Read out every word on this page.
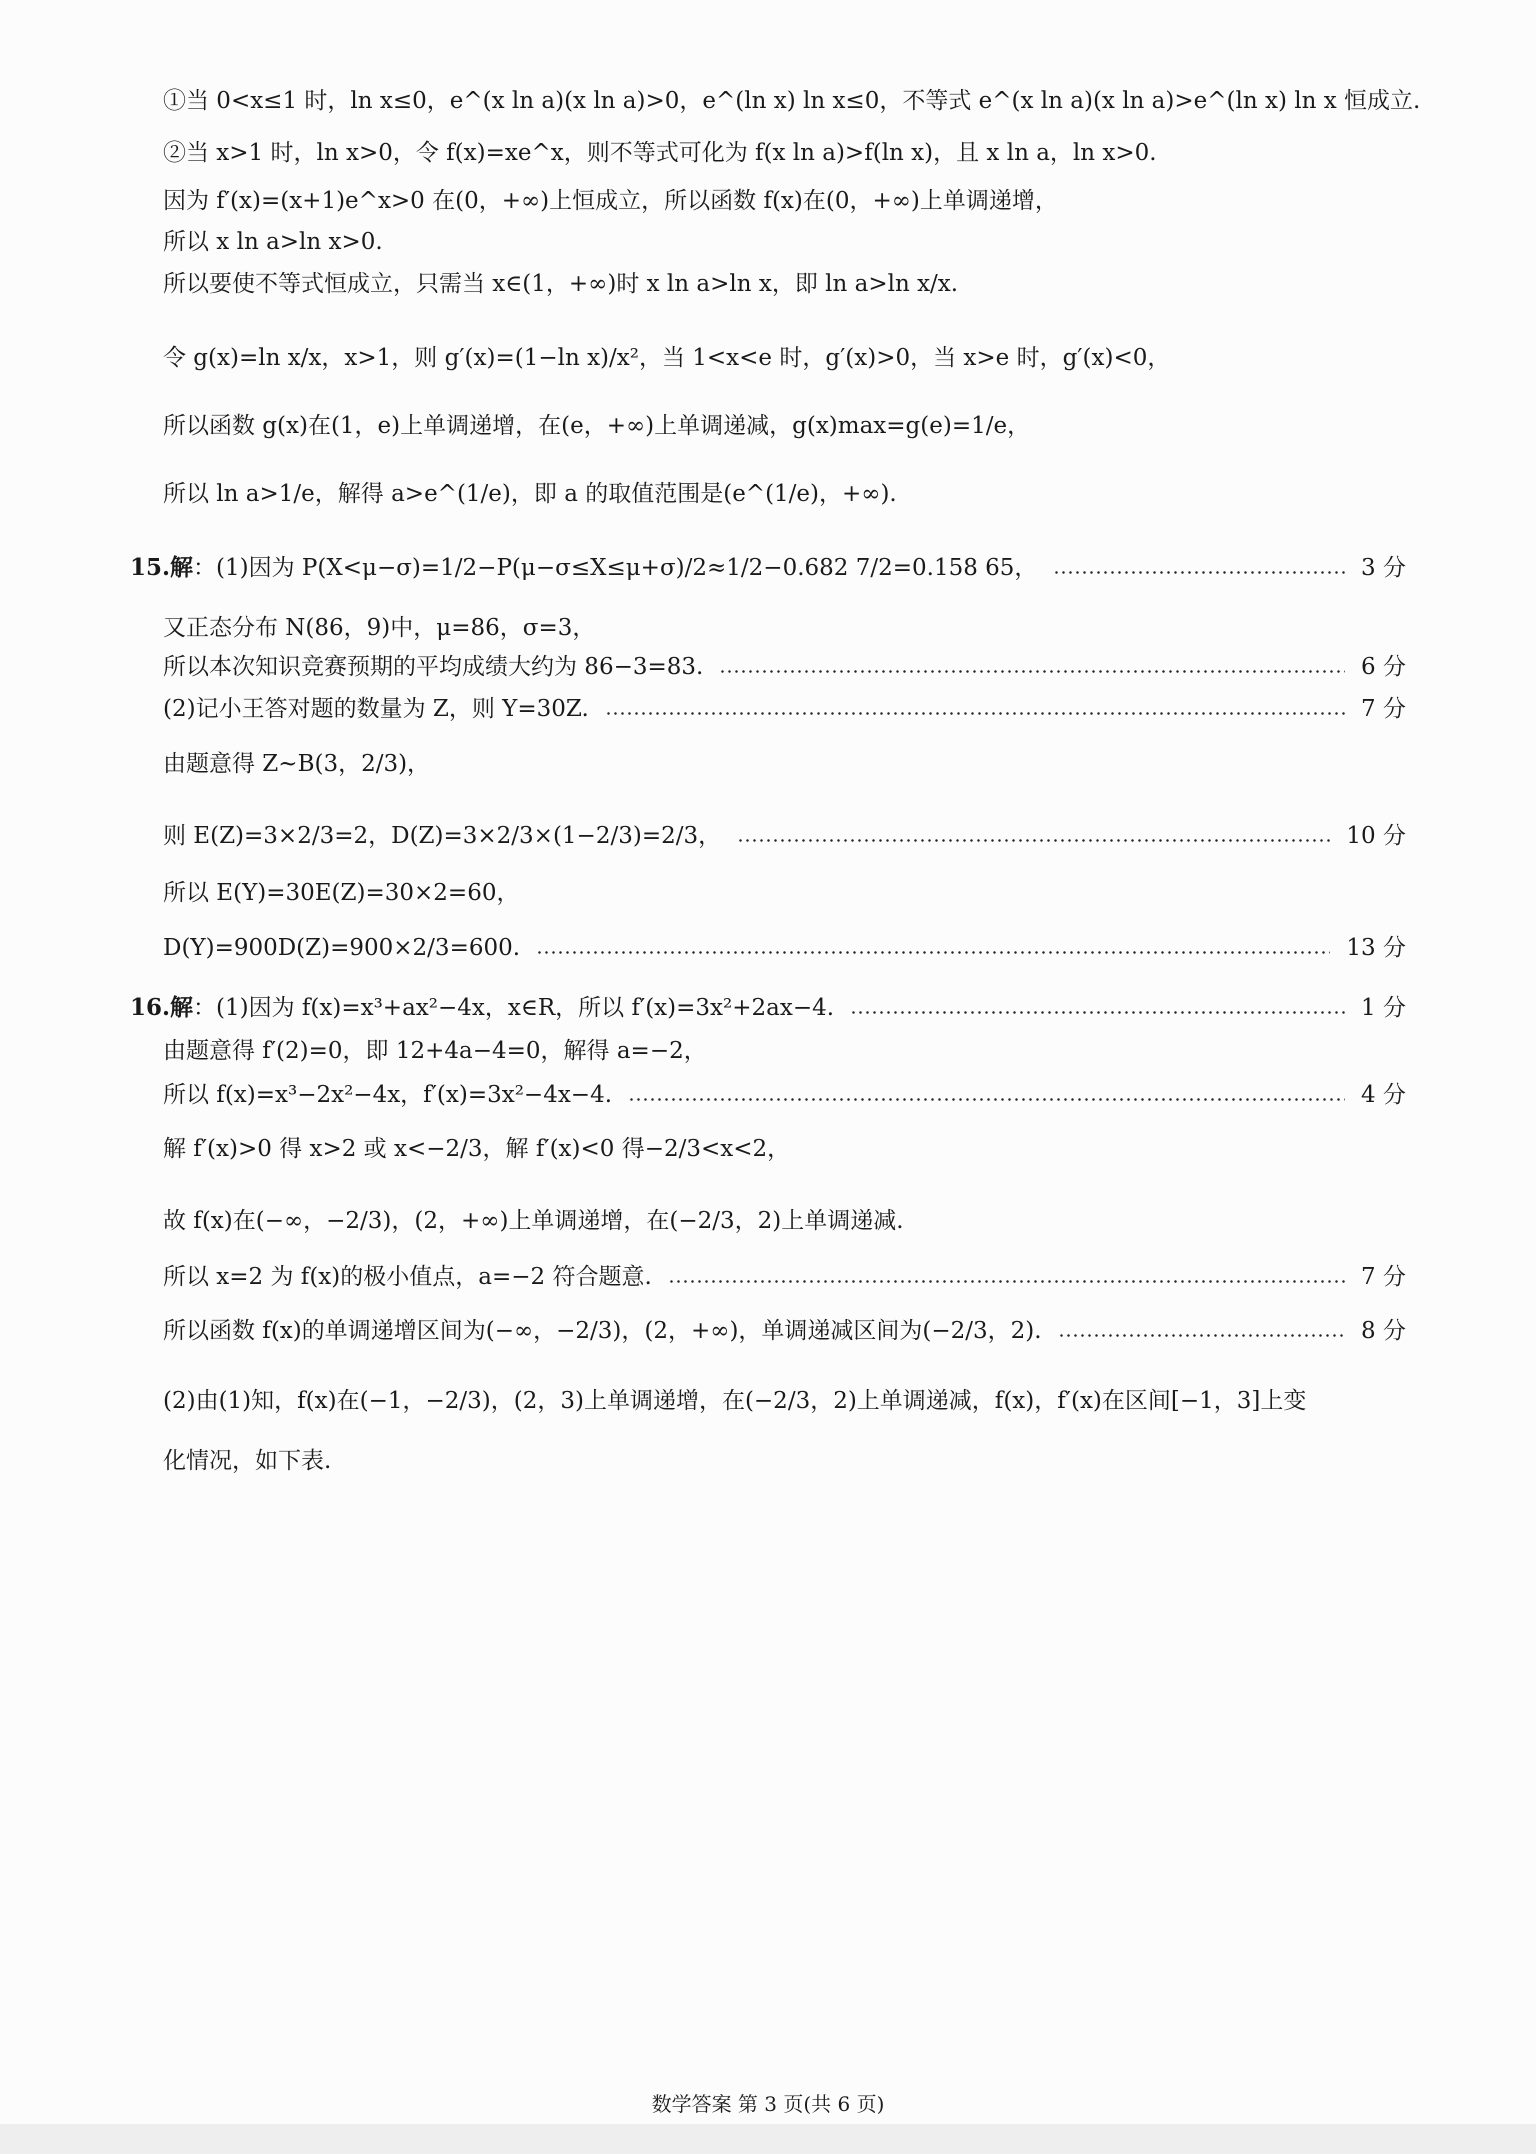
①当 0<x≤1 时，ln x≤0，e^(x ln a)(x ln a)>0，e^(ln x) ln x≤0，不等式 e^(x ln a)(x ln a)>e^(ln x) ln x 恒成立.
②当 x>1 时，ln x>0，令 f(x)=xe^x，则不等式可化为 f(x ln a)>f(ln x)，且 x ln a，ln x>0.
因为 f′(x)=(x+1)e^x>0 在(0，+∞)上恒成立，所以函数 f(x)在(0，+∞)上单调递增，
所以 x ln a>ln x>0.
所以要使不等式恒成立，只需当 x∈(1，+∞)时 x ln a>ln x，即 ln a>ln x/x.
令 g(x)=ln x/x，x>1，则 g′(x)=(1−ln x)/x²，当 1<x<e 时，g′(x)>0，当 x>e 时，g′(x)<0，
所以函数 g(x)在(1，e)上单调递增，在(e，+∞)上单调递减，g(x)max=g(e)=1/e，
所以 ln a>1/e，解得 a>e^(1/e)，即 a 的取值范围是(e^(1/e)，+∞).
15.解：(1)因为 P(X<μ−σ)=1/2−P(μ−σ≤X≤μ+σ)/2≈1/2−0.682 7/2=0.158 65，	3 分
又正态分布 N(86，9)中，μ=86，σ=3，
所以本次知识竞赛预期的平均成绩大约为 86−3=83.	6 分
(2)记小王答对题的数量为 Z，则 Y=30Z.	7 分
由题意得 Z~B(3，2/3)，
则 E(Z)=3×2/3=2，D(Z)=3×2/3×(1−2/3)=2/3，	10 分
所以 E(Y)=30E(Z)=30×2=60，
D(Y)=900D(Z)=900×2/3=600.	13 分
16.解：(1)因为 f(x)=x³+ax²−4x，x∈R，所以 f′(x)=3x²+2ax−4.	1 分
由题意得 f′(2)=0，即 12+4a−4=0，解得 a=−2，
所以 f(x)=x³−2x²−4x，f′(x)=3x²−4x−4.	4 分
解 f′(x)>0 得 x>2 或 x<−2/3，解 f′(x)<0 得−2/3<x<2，
故 f(x)在(−∞，−2/3)，(2，+∞)上单调递增，在(−2/3，2)上单调递减.
所以 x=2 为 f(x)的极小值点，a=−2 符合题意.	7 分
所以函数 f(x)的单调递增区间为(−∞，−2/3)，(2，+∞)，单调递减区间为(−2/3，2).	8 分
(2)由(1)知，f(x)在(−1，−2/3)，(2，3)上单调递增，在(−2/3，2)上单调递减，f(x)，f′(x)在区间[−1，3]上变
化情况，如下表.
数学答案 第 3 页(共 6 页)
